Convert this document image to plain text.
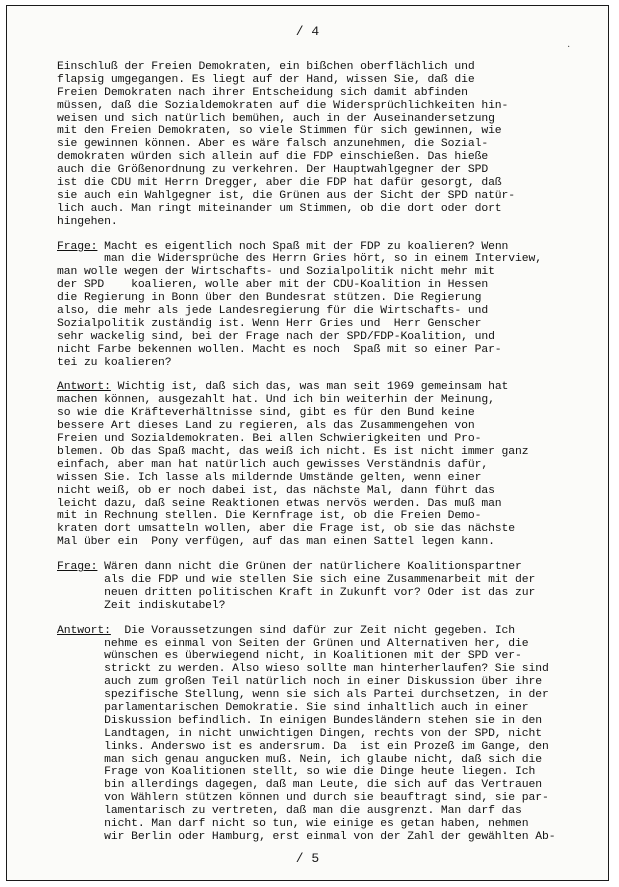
/ 4
·
Einschluß der Freien Demokraten, ein bißchen oberflächlich und
flapsig umgegangen. Es liegt auf der Hand, wissen Sie, daß die
Freien Demokraten nach ihrer Entscheidung sich damit abfinden
müssen, daß die Sozialdemokraten auf die Widersprüchlichkeiten hin-
weisen und sich natürlich bemühen, auch in der Auseinandersetzung
mit den Freien Demokraten, so viele Stimmen für sich gewinnen, wie
sie gewinnen können. Aber es wäre falsch anzunehmen, die Sozial-
demokraten würden sich allein auf die FDP einschießen. Das hieße
auch die Größenordnung zu verkehren. Der Hauptwahlgegner der SPD
ist die CDU mit Herrn Dregger, aber die FDP hat dafür gesorgt, daß
sie auch ein Wahlgegner ist, die Grünen aus der Sicht der SPD natür-
lich auch. Man ringt miteinander um Stimmen, ob die dort oder dort
hingehen.
Frage: Macht es eigentlich noch Spaß mit der FDP zu koalieren? Wenn
man die Widersprüche des Herrn Gries hört, so in einem Interview,
man wolle wegen der Wirtschafts- und Sozialpolitik nicht mehr mit
der SPD    koalieren, wolle aber mit der CDU-Koalition in Hessen
die Regierung in Bonn über den Bundesrat stützen. Die Regierung
also, die mehr als jede Landesregierung für die Wirtschafts- und
Sozialpolitik zuständig ist. Wenn Herr Gries und  Herr Genscher
sehr wackelig sind, bei der Frage nach der SPD/FDP-Koalition, und
nicht Farbe bekennen wollen. Macht es noch  Spaß mit so einer Par-
tei zu koalieren?
Antwort: Wichtig ist, daß sich das, was man seit 1969 gemeinsam hat
machen können, ausgezahlt hat. Und ich bin weiterhin der Meinung,
so wie die Kräfteverhältnisse sind, gibt es für den Bund keine
bessere Art dieses Land zu regieren, als das Zusammengehen von
Freien und Sozialdemokraten. Bei allen Schwierigkeiten und Pro-
blemen. Ob das Spaß macht, das weiß ich nicht. Es ist nicht immer ganz
einfach, aber man hat natürlich auch gewisses Verständnis dafür,
wissen Sie. Ich lasse als mildernde Umstände gelten, wenn einer
nicht weiß, ob er noch dabei ist, das nächste Mal, dann führt das
leicht dazu, daß seine Reaktionen etwas nervös werden. Das muß man
mit in Rechnung stellen. Die Kernfrage ist, ob die Freien Demo-
kraten dort umsatteln wollen, aber die Frage ist, ob sie das nächste
Mal über ein  Pony verfügen, auf das man einen Sattel legen kann.
Frage: Wären dann nicht die Grünen der natürlichere Koalitionspartner
als die FDP und wie stellen Sie sich eine Zusammenarbeit mit der
neuen dritten politischen Kraft in Zukunft vor? Oder ist das zur
Zeit indiskutabel?
Antwort:  Die Voraussetzungen sind dafür zur Zeit nicht gegeben. Ich
nehme es einmal von Seiten der Grünen und Alternativen her, die
wünschen es überwiegend nicht, in Koalitionen mit der SPD ver-
strickt zu werden. Also wieso sollte man hinterherlaufen? Sie sind
auch zum großen Teil natürlich noch in einer Diskussion über ihre
spezifische Stellung, wenn sie sich als Partei durchsetzen, in der
parlamentarischen Demokratie. Sie sind inhaltlich auch in einer
Diskussion befindlich. In einigen Bundesländern stehen sie in den
Landtagen, in nicht unwichtigen Dingen, rechts von der SPD, nicht
links. Anderswo ist es andersrum. Da  ist ein Prozeß im Gange, den
man sich genau angucken muß. Nein, ich glaube nicht, daß sich die
Frage von Koalitionen stellt, so wie die Dinge heute liegen. Ich
bin allerdings dagegen, daß man Leute, die sich auf das Vertrauen
von Wählern stützen können und durch sie beauftragt sind, sie par-
lamentarisch zu vertreten, daß man die ausgrenzt. Man darf das
nicht. Man darf nicht so tun, wie einige es getan haben, nehmen
wir Berlin oder Hamburg, erst einmal von der Zahl der gewählten Ab-
/ 5
